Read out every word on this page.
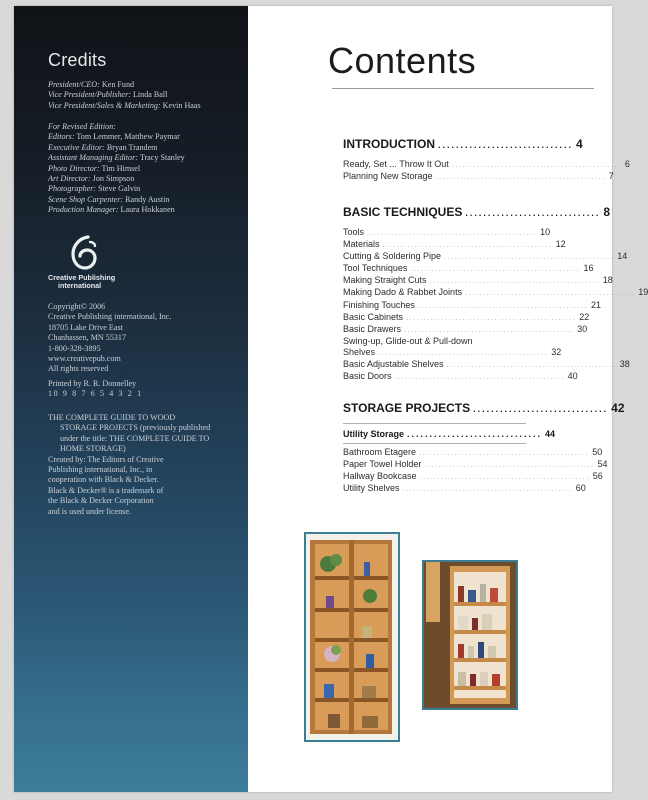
Credits
President/CEO: Ken Fund
Vice President/Publisher: Linda Ball
Vice President/Sales & Marketing: Kevin Haas
For Revised Edition:
Editors: Tom Lemmer, Matthew Paymar
Executive Editor: Bryan Trandem
Assistant Managing Editor: Tracy Stanley
Photo Director: Tim Himsel
Art Director: Jon Simpson
Photographer: Steve Galvin
Scene Shop Carpenter: Randy Austin
Production Manager: Laura Hokkanen
Creative Publishing
international
Copyright© 2006
Creative Publishing international, Inc.
18705 Lake Drive East
Chanhassen, MN 55317
1-800-328-3895
www.creativepub.com
All rights reserved
Printed by R. R. Donnelley
10 9 8 7 6 5 4 3 2 1
THE COMPLETE GUIDE TO WOOD
STORAGE PROJECTS (previously published
under the title: THE COMPLETE GUIDE TO
HOME STORAGE)
Created by: The Editors of Creative
Publishing international, Inc., in
cooperation with Black & Decker.
Black & Decker® is a trademark of
the Black & Decker Corporation
and is used under license.
Contents
INTRODUCTION .............................. 4
Ready, Set ... Throw It Out ................................................ 6
Planning New Storage ................................................ 7
BASIC TECHNIQUES .............................. 8
Tools ................................................ 10
Materials ................................................ 12
Cutting & Soldering Pipe ................................................ 14
Tool Techniques ................................................ 16
Making Straight Cuts ................................................ 18
Making Dado & Rabbet Joints ................................................ 19
Finishing Touches ................................................ 21
Basic Cabinets ................................................ 22
Basic Drawers ................................................ 30
Swing-up, Glide-out & Pull-down
Shelves ................................................ 32
Basic Adjustable Shelves ................................................ 38
Basic Doors ................................................ 40
STORAGE PROJECTS .............................. 42
Utility Storage .............................. 44
Bathroom Etagere ................................................ 50
Paper Towel Holder ................................................ 54
Hallway Bookcase ................................................ 56
Utility Shelves ................................................ 60
